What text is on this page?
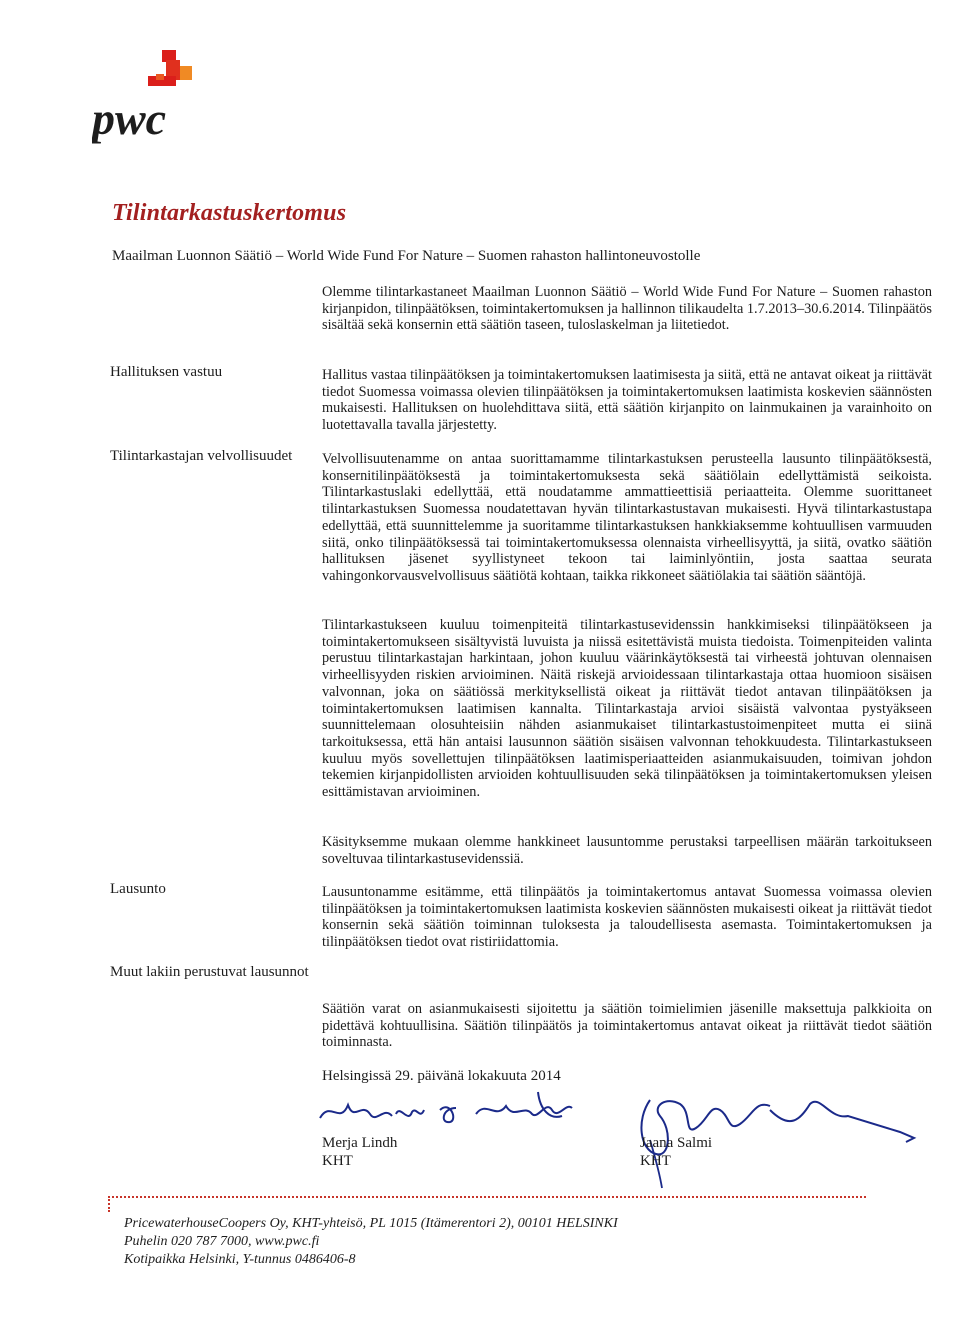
pwc
Tilintarkastuskertomus
Maailman Luonnon Säätiö – World Wide Fund For Nature – Suomen rahaston hallintoneuvostolle

Olemme tilintarkastaneet Maailman Luonnon Säätiö – World Wide Fund For Nature – Suomen rahaston kirjanpidon, tilinpäätöksen, toimintakertomuksen ja hallinnon tilikaudelta 1.7.2013–30.6.2014. Tilinpäätös sisältää sekä konsernin että säätiön taseen, tuloslaskelman ja liitetiedot.

Hallituksen vastuu	Hallitus vastaa tilinpäätöksen ja toimintakertomuksen laatimisesta ja siitä, että ne antavat oikeat ja riittävät tiedot Suomessa voimassa olevien tilinpäätöksen ja toimintakertomuksen laatimista koskevien säännösten mukaisesti. Hallituksen on huolehdittava siitä, että säätiön kirjanpito on lainmukainen ja varainhoito on luotettavalla tavalla järjestetty.

Tilintarkastajan velvollisuudet Velvollisuutenamme on antaa suorittamamme tilintarkastuksen perusteella lausunto tilinpäätöksestä, konsernitilinpäätöksestä ja toimintakertomuksesta sekä säätiölain edellyttämistä seikoista. Tilintarkastuslaki edellyttää, että noudatamme ammattieettisiä periaatteita. Olemme suorittaneet tilintarkastuksen Suomessa noudatettavan hyvän tilintarkastustavan mukaisesti. Hyvä tilintarkastustapa edellyttää, että suunnittelemme ja suoritamme tilintarkastuksen hankkiaksemme kohtuullisen varmuuden siitä, onko tilinpäätöksessä tai toimintakertomuksessa olennaista virheellisyyttä, ja siitä, ovatko säätiön hallituksen jäsenet syyllistyneet tekoon tai laiminlyöntiin, josta saattaa seurata vahingonkorvausvelvollisuus säätiötä kohtaan, taikka rikkoneet säätiölakia tai säätiön sääntöjä.

Tilintarkastukseen kuuluu toimenpiteitä tilintarkastusevidenssin hankkimiseksi tilinpäätökseen ja toimintakertomukseen sisältyvistä luvuista ja niissä esitettävistä muista tiedoista. Toimenpiteiden valinta perustuu tilintarkastajan harkintaan, johon kuuluu väärinkäytöksestä tai virheestä johtuvan olennaisen virheellisyyden riskien arvioiminen. Näitä riskejä arvioidessaan tilintarkastaja ottaa huomioon sisäisen valvonnan, joka on säätiössä merkityksellistä oikeat ja riittävät tiedot antavan tilinpäätöksen ja toimintakertomuksen laatimisen kannalta. Tilintarkastaja arvioi sisäistä valvontaa pystyäkseen suunnittelemaan olosuhteisiin nähden asianmukaiset tilintarkastustoimenpiteet mutta ei siinä tarkoituksessa, että hän antaisi lausunnon säätiön sisäisen valvonnan tehokkuudesta. Tilintarkastukseen kuuluu myös sovellettujen tilinpäätöksen laatimisperiaatteiden asianmukaisuuden, toimivan johdon tekemien kirjanpidollisten arvioiden kohtuullisuuden sekä tilinpäätöksen ja toimintakertomuksen yleisen esittämistavan arvioiminen.

Käsityksemme mukaan olemme hankkineet lausuntomme perustaksi tarpeellisen määrän tarkoitukseen soveltuvaa tilintarkastusevidenssiä.

Lausunto	Lausuntonamme esitämme, että tilinpäätös ja toimintakertomus antavat Suomessa voimassa olevien tilinpäätöksen ja toimintakertomuksen laatimista koskevien säännösten mukaisesti oikeat ja riittävät tiedot konsernin sekä säätiön toiminnan tuloksesta ja taloudellisesta asemasta. Toimintakertomuksen ja tilinpäätöksen tiedot ovat ristiriidattomia.

Muut lakiin perustuvat lausunnot

Säätiön varat on asianmukaisesti sijoitettu ja säätiön toimielimien jäsenille maksettuja palkkioita on pidettävä kohtuullisina. Säätiön tilinpäätös ja toimintakertomus antavat oikeat ja riittävät tiedot säätiön toiminnasta.

Helsingissä 29. päivänä lokakuuta 2014
Merja Lindh
KHT
Jaana Salmi
KHT
PricewaterhouseCoopers Oy, KHT-yhteisö, PL 1015 (Itämerentori 2), 00101 HELSINKI
Puhelin 020 787 7000, www.pwc.fi
Kotipaikka Helsinki, Y-tunnus 0486406-8
